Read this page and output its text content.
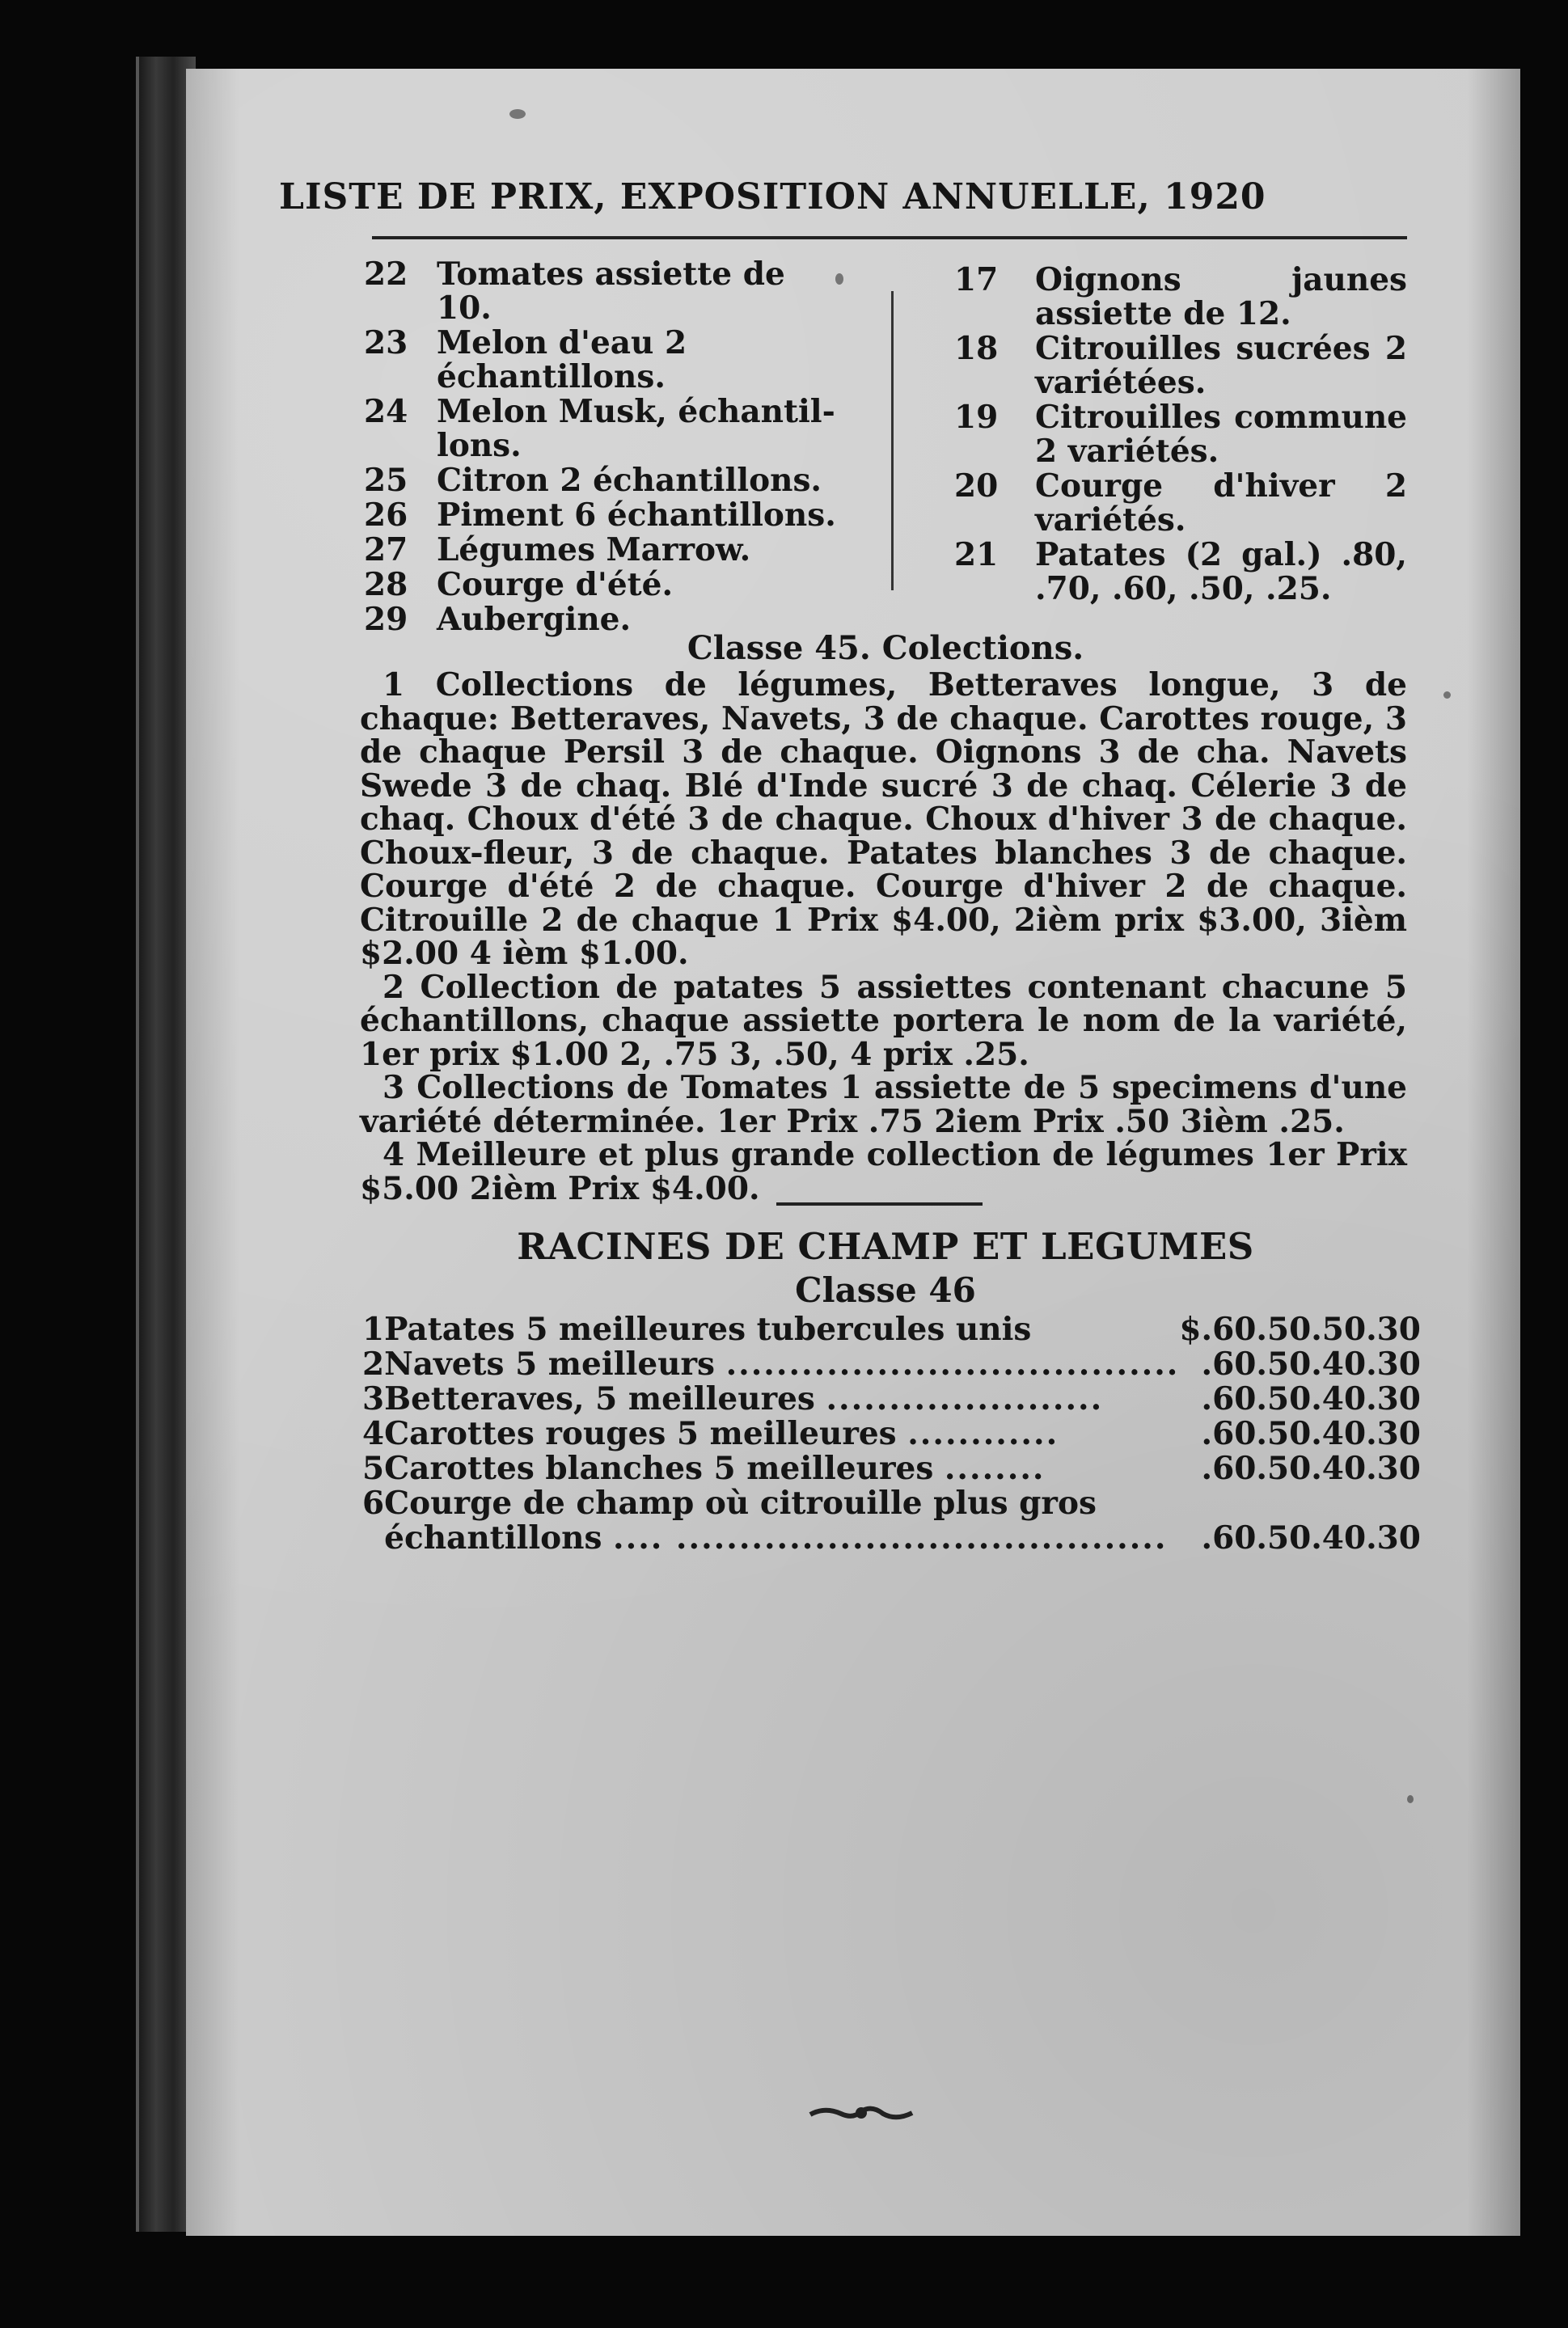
LISTE DE PRIX, EXPOSITION ANNUELLE, 1920
22 Tomates assiette de 10.
23 Melon d'eau 2 échantillons.
24 Melon Musk, échantillons.
25 Citron 2 échantillons.
26 Piment 6 échantillons.
27 Légumes Marrow.
28 Courge d'été.
29 Aubergine.
17	Oignons jaunes assiette de 12.
18	Citrouilles sucrées 2 variétées.
19	Citrouilles commune 2 variétés.
20	Courge d'hiver 2 variétés.
21	Patates (2 gal.) .80, .70, .60, .50, .25.
Classe 45. Colections.

1 Collections de légumes, Betteraves longue, 3 de chaque: Betteraves, Navets, 3 de chaque. Carottes rouge, 3 de chaque Persil 3 de chaque. Oignons 3 de cha. Navets Swede 3 de chaq. Blé d'Inde sucré 3 de chaq. Célerie 3 de chaq. Choux d'été 3 de chaque. Choux d'hiver 3 de chaque. Choux-fleur, 3 de chaque. Patates blanches 3 de chaque. Courge d'été 2 de chaque. Courge d'hiver 2 de chaque. Citrouille 2 de chaque 1 Prix $4.00, 2ièm prix $3.00, 3ièm $2.00 4 ièm $1.00.

2 Collection de patates 5 assiettes contenant chacune 5 échantillons, chaque assiette portera le nom de la variété, 1er prix $1.00 2, .75 3, .50, 4 prix .25.

3 Collections de Tomates 1 assiette de 5 specimens d'une variété déterminée. 1er Prix .75 2iem Prix .50 3ièm .25.

4 Meilleure et plus grande collection de légumes 1er Prix $5.00 2ièm Prix $4.00.

RACINES DE CHAMP ET LEGUMES
Classe 46
1	Patates 5 meilleures tubercules unis	$	.60	.50	.50	.30
2	Navets 5 meilleurs ....................................		.60	.50	.40	.30
3	Betteraves, 5 meilleures ......................		.60	.50	.40	.30
4	Carottes rouges 5 meilleures ............		.60	.50	.40	.30
5	Carottes blanches 5 meilleures ........		.60	.50	.40	.30
6	Courge de champ où citrouille plus gros
échantillons .... .......................................		.60	.50	.40	.30
